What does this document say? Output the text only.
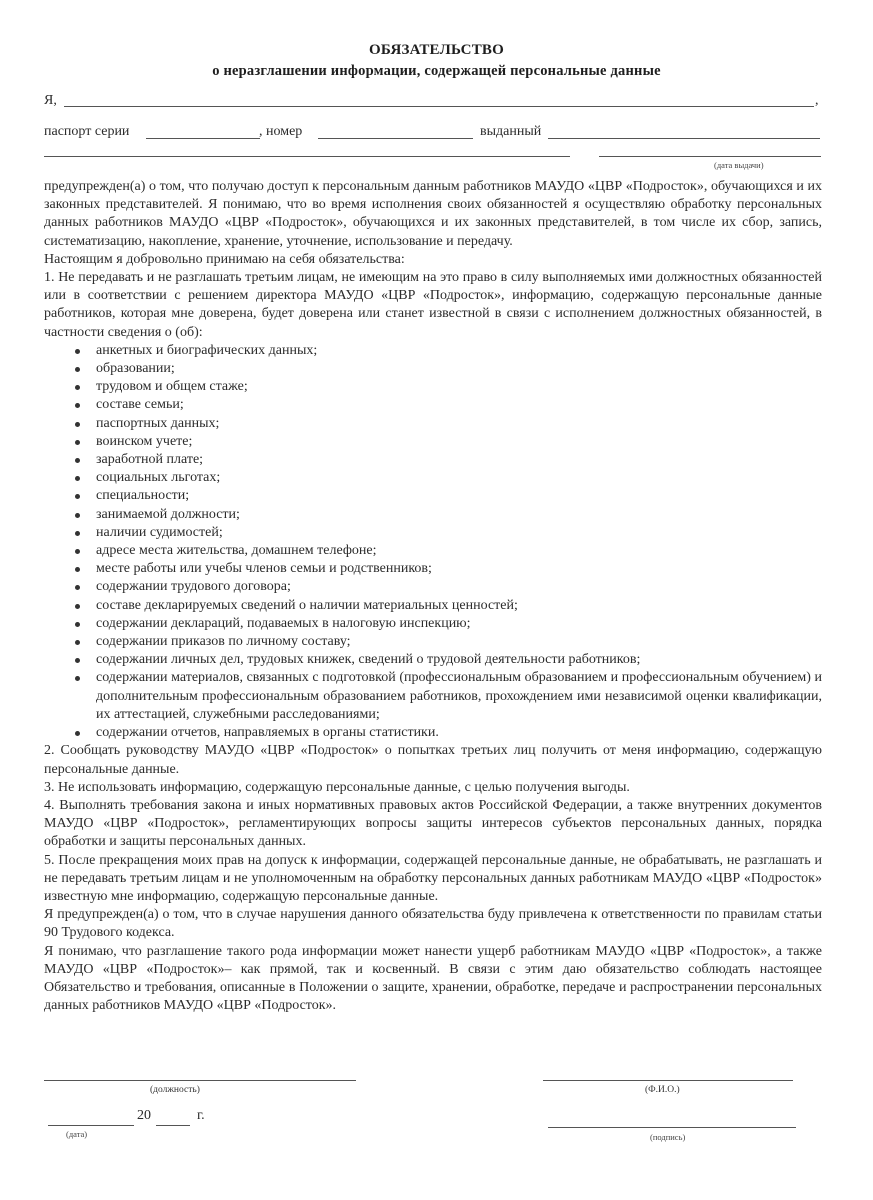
ОБЯЗАТЕЛЬСТВО
о неразглашении информации, содержащей персональные данные
Я,	,
паспорт серии	, номер	выданный
(дата выдачи)

предупрежден(а) о том, что получаю доступ к персональным данным работников МАУДО «ЦВР «Подросток», обучающихся и их законных представителей. Я понимаю, что во время исполнения своих обязанностей я осуществляю обработку персональных данных работников МАУДО «ЦВР «Подросток», обучающихся и их законных представителей, в том числе их сбор, запись, систематизацию, накопление, хранение, уточнение, использование и передачу.

Настоящим я добровольно принимаю на себя обязательства:

1. Не передавать и не разглашать третьим лицам, не имеющим на это право в силу выполняемых ими должностных обязанностей или в соответствии с решением директора МАУДО «ЦВР «Подросток», информацию, содержащую персональные данные работников, которая мне доверена, будет доверена или станет известной в связи с исполнением должностных обязанностей, в частности сведения о (об):

анкетных и биографических данных;
образовании;
трудовом и общем стаже;
составе семьи;
паспортных данных;
воинском учете;
заработной плате;
социальных льготах;
специальности;
занимаемой должности;
наличии судимостей;
адресе места жительства, домашнем телефоне;
месте работы или учебы членов семьи и родственников;
содержании трудового договора;
составе декларируемых сведений о наличии материальных ценностей;
содержании деклараций, подаваемых в налоговую инспекцию;
содержании приказов по личному составу;
содержании личных дел, трудовых книжек, сведений о трудовой деятельности работников;
содержании материалов, связанных с подготовкой (профессиональным образованием и профессиональным обучением) и дополнительным профессиональным образованием работников, прохождением ими независимой оценки квалификации, их аттестацией, служебными расследованиями;
содержании отчетов, направляемых в органы статистики.

2. Сообщать руководству МАУДО «ЦВР «Подросток» о попытках третьих лиц получить от меня информацию, содержащую персональные данные.

3. Не использовать информацию, содержащую персональные данные, с целью получения выгоды.

4. Выполнять требования закона и иных нормативных правовых актов Российской Федерации, а также внутренних документов МАУДО «ЦВР «Подросток», регламентирующих вопросы защиты интересов субъектов персональных данных, порядка обработки и защиты персональных данных.

5. После прекращения моих прав на допуск к информации, содержащей персональные данные, не обрабатывать, не разглашать и не передавать третьим лицам и не уполномоченным на обработку персональных данных работникам МАУДО «ЦВР «Подросток» известную мне информацию, содержащую персональные данные.

Я предупрежден(а) о том, что в случае нарушения данного обязательства буду привлечена к ответственности по правилам статьи 90 Трудового кодекса.

Я понимаю, что разглашение такого рода информации может нанести ущерб работникам МАУДО «ЦВР «Подросток», а также МАУДО «ЦВР «Подросток»– как прямой, так и косвенный. В связи с этим даю обязательство соблюдать настоящее Обязательство и требования, описанные в Положении о защите, хранении, обработке, передаче и распространении персональных данных работников МАУДО «ЦВР «Подросток».

(должность)	(Ф.И.О.)
20	г.
(дата)	(подпись)
